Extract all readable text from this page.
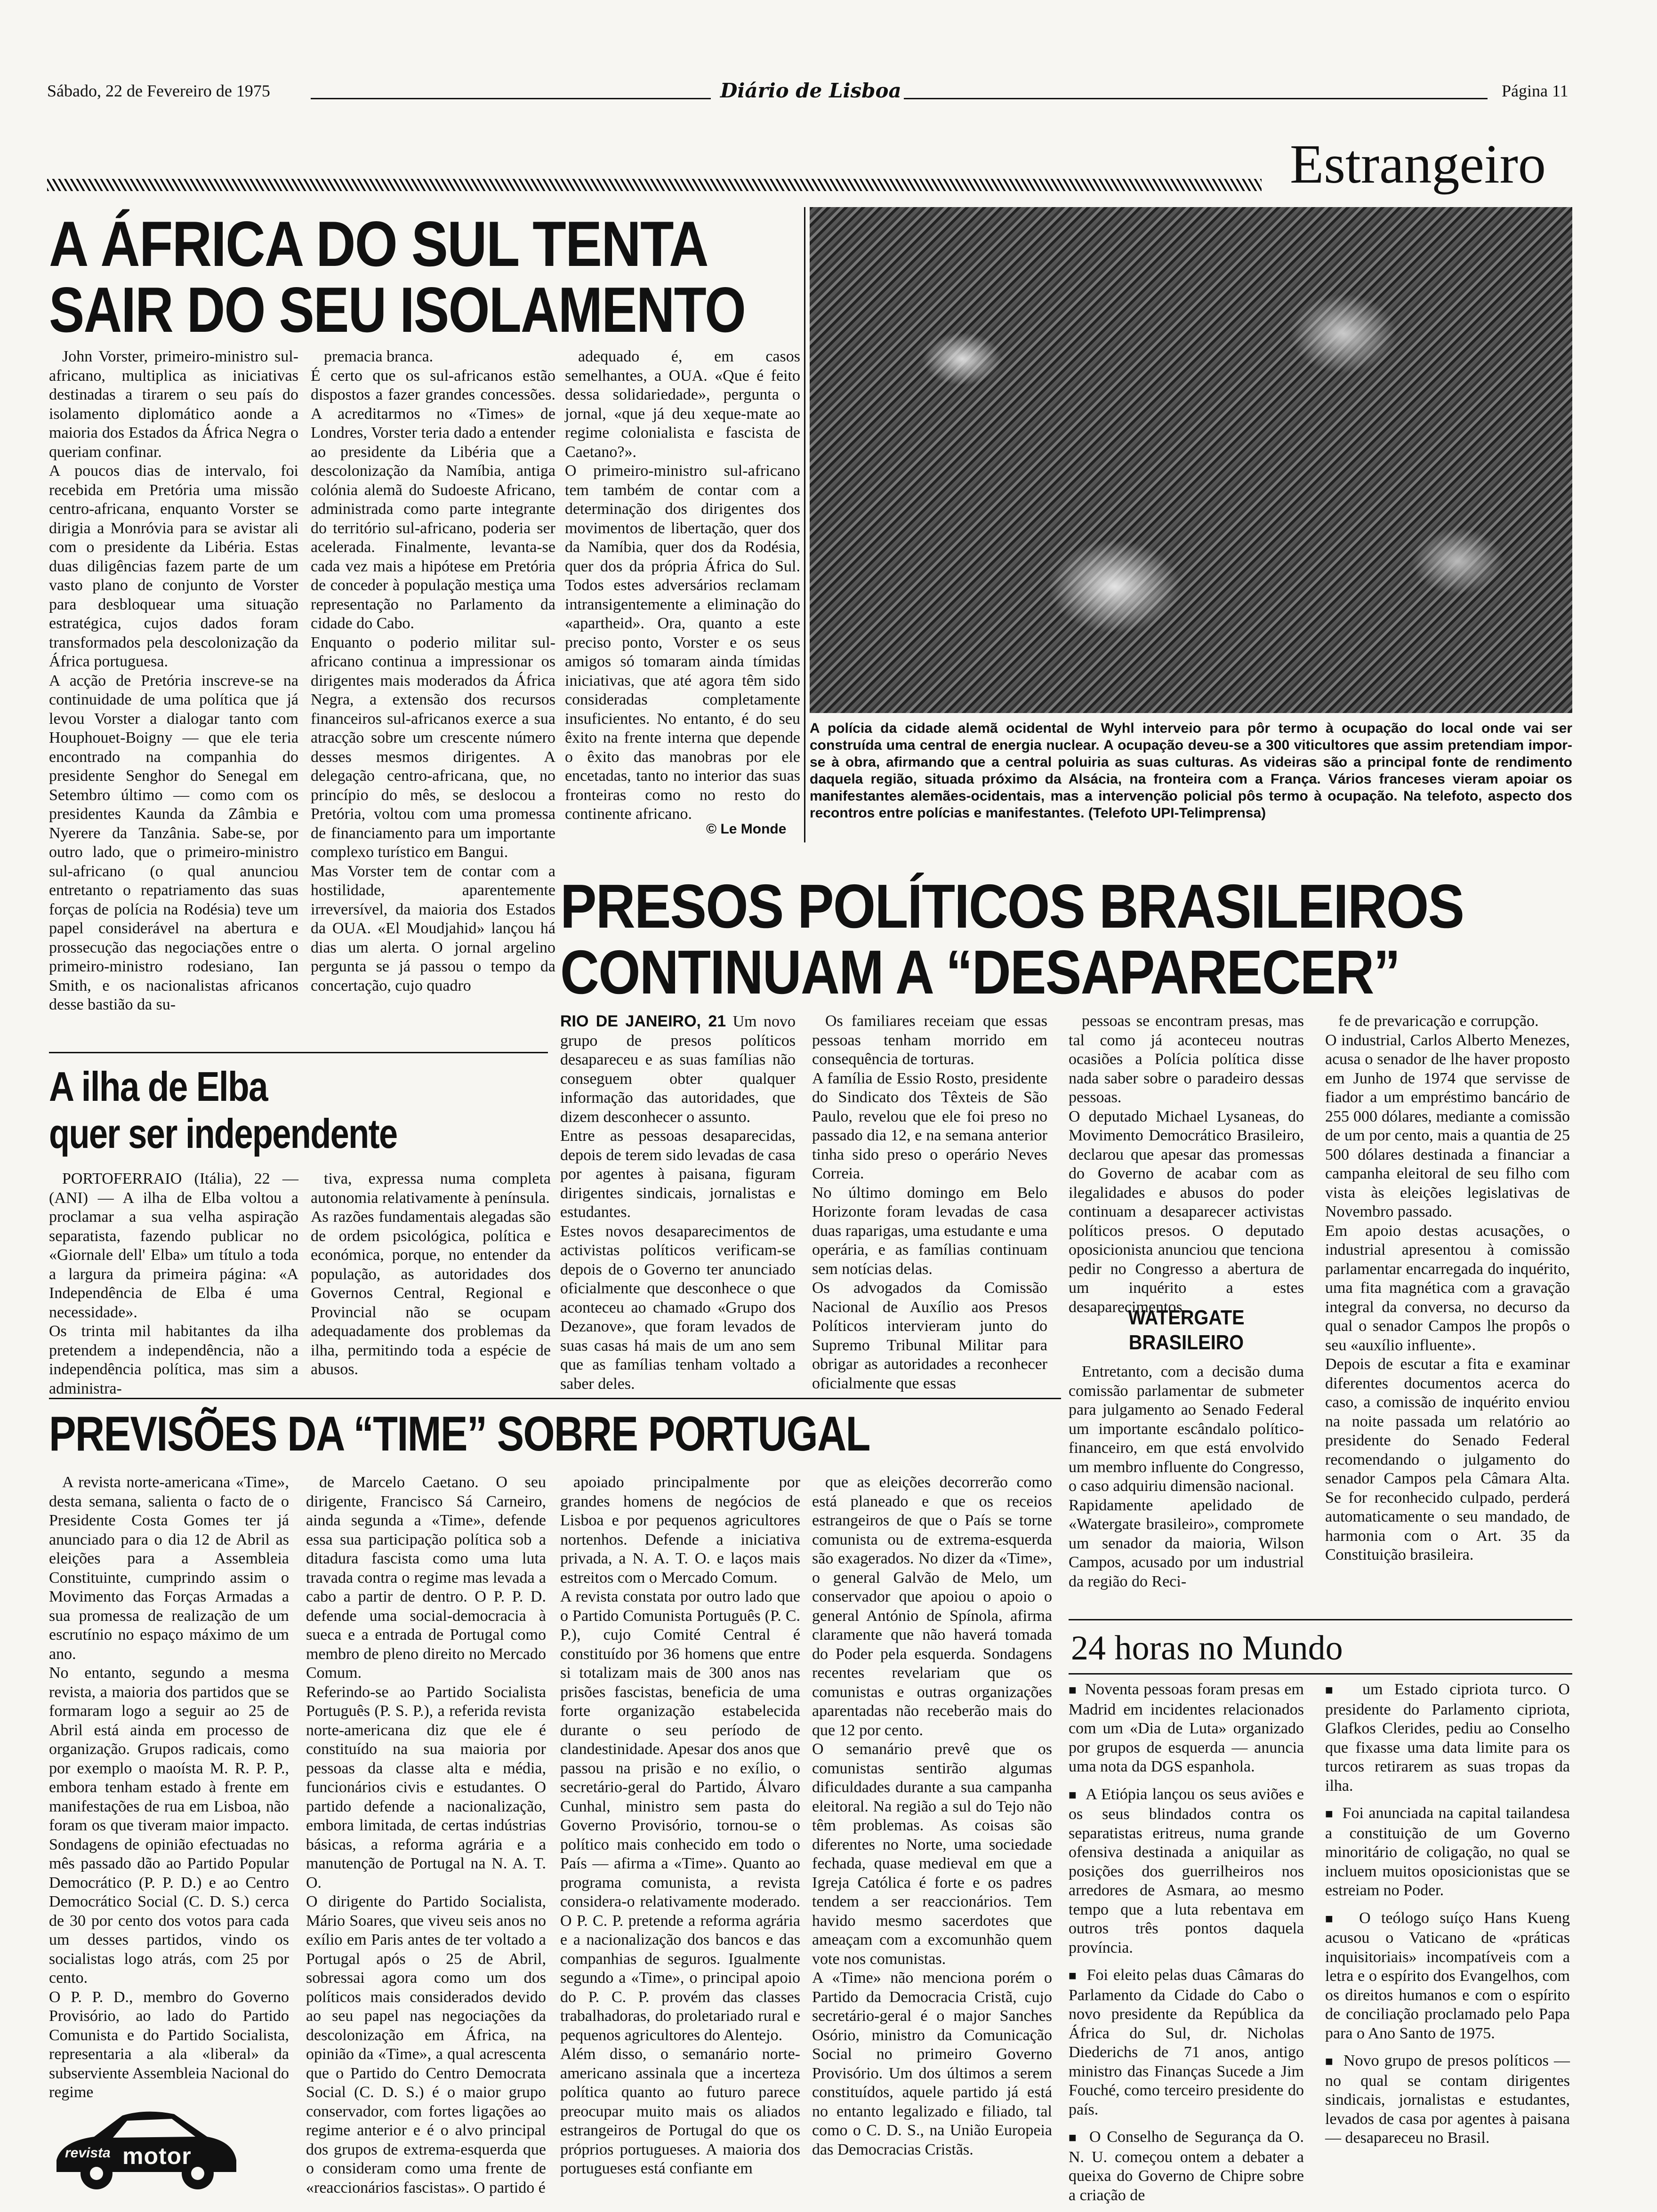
Sábado, 22 de Fevereiro de 1975	Diário de Lisboa	Página 11
Estrangeiro
A ÁFRICA DO SUL TENTA
SAIR DO SEU ISOLAMENTO

John Vorster, primeiro-ministro sul-africano, multiplica as iniciativas destinadas a tirarem o seu país do isolamento diplomático aonde a maioria dos Estados da África Negra o queriam confinar.
A poucos dias de intervalo, foi recebida em Pretória uma missão centro-africana, enquanto Vorster se dirigia a Monróvia para se avistar ali com o presidente da Libéria. Estas duas diligências fazem parte de um vasto plano de conjunto de Vorster para desbloquear uma situação estratégica, cujos dados foram transformados pela descolonização da África portuguesa.
A acção de Pretória inscreve-se na continuidade de uma política que já levou Vorster a dialogar tanto com Houphouet-Boigny — que ele teria encontrado na companhia do presidente Senghor do Senegal em Setembro último — como com os presidentes Kaunda da Zâmbia e Nyerere da Tanzânia. Sabe-se, por outro lado, que o primeiro-ministro sul-africano (o qual anunciou entretanto o repatriamento das suas forças de polícia na Rodésia) teve um papel considerável na abertura e prossecução das negociações entre o primeiro-ministro rodesiano, Ian Smith, e os nacionalistas africanos desse bastião da su-

premacia branca.
É certo que os sul-africanos estão dispostos a fazer grandes concessões. A acreditarmos no «Times» de Londres, Vorster teria dado a entender ao presidente da Libéria que a descolonização da Namíbia, antiga colónia alemã do Sudoeste Africano, administrada como parte integrante do território sul-africano, poderia ser acelerada. Finalmente, levanta-se cada vez mais a hipótese em Pretória de conceder à população mestiça uma representação no Parlamento da cidade do Cabo.
Enquanto o poderio militar sul-africano continua a impressionar os dirigentes mais moderados da África Negra, a extensão dos recursos financeiros sul-africanos exerce a sua atracção sobre um crescente número desses mesmos dirigentes. A delegação centro-africana, que, no princípio do mês, se deslocou a Pretória, voltou com uma promessa de financiamento para um importante complexo turístico em Bangui.
Mas Vorster tem de contar com a hostilidade, aparentemente irreversível, da maioria dos Estados da OUA. «El Moudjahid» lançou há dias um alerta. O jornal argelino pergunta se já passou o tempo da concertação, cujo quadro

adequado é, em casos semelhantes, a OUA. «Que é feito dessa solidariedade», pergunta o jornal, «que já deu xeque-mate ao regime colonialista e fascista de Caetano?».
O primeiro-ministro sul-africano tem também de contar com a determinação dos dirigentes dos movimentos de libertação, quer dos da Namíbia, quer dos da Rodésia, quer dos da própria África do Sul. Todos estes adversários reclamam intransigentemente a eliminação do «apartheid». Ora, quanto a este preciso ponto, Vorster e os seus amigos só tomaram ainda tímidas iniciativas, que até agora têm sido consideradas completamente insuficientes. No entanto, é do seu êxito na frente interna que depende o êxito das manobras por ele encetadas, tanto no interior das suas fronteiras como no resto do continente africano.

© Le Monde

A polícia da cidade alemã ocidental de Wyhl interveio para pôr termo à ocupação do local onde vai ser construída uma central de energia nuclear. A ocupação deveu-se a 300 viticultores que assim pretendiam impor-se à obra, afirmando que a central poluiria as suas culturas. As videiras são a principal fonte de rendimento daquela região, situada próximo da Alsácia, na fronteira com a França. Vários franceses vieram apoiar os manifestantes alemães-ocidentais, mas a intervenção policial pôs termo à ocupação. Na telefoto, aspecto dos recontros entre polícias e manifestantes. (Telefoto UPI-Telimprensa)

PRESOS POLÍTICOS BRASILEIROS
CONTINUAM A “DESAPARECER”

RIO DE JANEIRO, 21 Um novo grupo de presos políticos desapareceu e as suas famílias não conseguem obter qualquer informação das autoridades, que dizem desconhecer o assunto.
Entre as pessoas desaparecidas, depois de terem sido levadas de casa por agentes à paisana, figuram dirigentes sindicais, jornalistas e estudantes.
Estes novos desaparecimentos de activistas políticos verificam-se depois de o Governo ter anunciado oficialmente que desconhece o que aconteceu ao chamado «Grupo dos Dezanove», que foram levados de suas casas há mais de um ano sem que as famílias tenham voltado a saber deles.

Os familiares receiam que essas pessoas tenham morrido em consequência de torturas.
A família de Essio Rosto, presidente do Sindicato dos Têxteis de São Paulo, revelou que ele foi preso no passado dia 12, e na semana anterior tinha sido preso o operário Neves Correia.
No último domingo em Belo Horizonte foram levadas de casa duas raparigas, uma estudante e uma operária, e as famílias continuam sem notícias delas.
Os advogados da Comissão Nacional de Auxílio aos Presos Políticos intervieram junto do Supremo Tribunal Militar para obrigar as autoridades a reconhecer oficialmente que essas

pessoas se encontram presas, mas tal como já aconteceu noutras ocasiões a Polícia política disse nada saber sobre o paradeiro dessas pessoas.
O deputado Michael Lysaneas, do Movimento Democrático Brasileiro, declarou que apesar das promessas do Governo de acabar com as ilegalidades e abusos do poder continuam a desaparecer activistas políticos presos. O deputado oposicionista anunciou que tenciona pedir no Congresso a abertura de um inquérito a estes desaparecimentos.

WATERGATE
BRASILEIRO

Entretanto, com a decisão duma comissão parlamentar de submeter para julgamento ao Senado Federal um importante escândalo político-financeiro, em que está envolvido um membro influente do Congresso, o caso adquiriu dimensão nacional.
Rapidamente apelidado de «Watergate brasileiro», compromete um senador da maioria, Wilson Campos, acusado por um industrial da região do Reci-

fe de prevaricação e corrupção.
O industrial, Carlos Alberto Menezes, acusa o senador de lhe haver proposto em Junho de 1974 que servisse de fiador a um empréstimo bancário de 255 000 dólares, mediante a comissão de um por cento, mais a quantia de 25 500 dólares destinada a financiar a campanha eleitoral de seu filho com vista às eleições legislativas de Novembro passado.
Em apoio destas acusações, o industrial apresentou à comissão parlamentar encarregada do inquérito, uma fita magnética com a gravação integral da conversa, no decurso da qual o senador Campos lhe propôs o seu «auxílio influente».
Depois de escutar a fita e examinar diferentes documentos acerca do caso, a comissão de inquérito enviou na noite passada um relatório ao presidente do Senado Federal recomendando o julgamento do senador Campos pela Câmara Alta. Se for reconhecido culpado, perderá automaticamente o seu mandado, de harmonia com o Art. 35 da Constituição brasileira.

A ilha de Elba
quer ser independente

PORTOFERRAIO (Itália), 22 — (ANI) — A ilha de Elba voltou a proclamar a sua velha aspiração separatista, fazendo publicar no «Giornale dell' Elba» um título a toda a largura da primeira página: «A Independência de Elba é uma necessidade».
Os trinta mil habitantes da ilha pretendem a independência, não a independência política, mas sim a administra-

tiva, expressa numa completa autonomia relativamente à península.
As razões fundamentais alegadas são de ordem psicológica, política e económica, porque, no entender da população, as autoridades dos Governos Central, Regional e Provincial não se ocupam adequadamente dos problemas da ilha, permitindo toda a espécie de abusos.

PREVISÕES DA “TIME” SOBRE PORTUGAL

A revista norte-americana «Time», desta semana, salienta o facto de o Presidente Costa Gomes ter já anunciado para o dia 12 de Abril as eleições para a Assembleia Constituinte, cumprindo assim o Movimento das Forças Armadas a sua promessa de realização de um escrutínio no espaço máximo de um ano.
No entanto, segundo a mesma revista, a maioria dos partidos que se formaram logo a seguir ao 25 de Abril está ainda em processo de organização. Grupos radicais, como por exemplo o maoísta M. R. P. P., embora tenham estado à frente em manifestações de rua em Lisboa, não foram os que tiveram maior impacto. Sondagens de opinião efectuadas no mês passado dão ao Partido Popular Democrático (P. P. D.) e ao Centro Democrático Social (C. D. S.) cerca de 30 por cento dos votos para cada um desses partidos, vindo os socialistas logo atrás, com 25 por cento.
O P. P. D., membro do Governo Provisório, ao lado do Partido Comunista e do Partido Socialista, representaria a ala «liberal» da subserviente Assembleia Nacional do regime

de Marcelo Caetano. O seu dirigente, Francisco Sá Carneiro, ainda segunda a «Time», defende essa sua participação política sob a ditadura fascista como uma luta travada contra o regime mas levada a cabo a partir de dentro. O P. P. D. defende uma social-democracia à sueca e a entrada de Portugal como membro de pleno direito no Mercado Comum.
Referindo-se ao Partido Socialista Português (P. S. P.), a referida revista norte-americana diz que ele é constituído na sua maioria por pessoas da classe alta e média, funcionários civis e estudantes. O partido defende a nacionalização, embora limitada, de certas indústrias básicas, a reforma agrária e a manutenção de Portugal na N. A. T. O.
O dirigente do Partido Socialista, Mário Soares, que viveu seis anos no exílio em Paris antes de ter voltado a Portugal após o 25 de Abril, sobressai agora como um dos políticos mais considerados devido ao seu papel nas negociações da descolonização em África, na opinião da «Time», a qual acrescenta que o Partido do Centro Democrata Social (C. D. S.) é o maior grupo conservador, com fortes ligações ao regime anterior e é o alvo principal dos grupos de extrema-esquerda que o consideram como uma frente de «reaccionários fascistas». O partido é

apoiado principalmente por grandes homens de negócios de Lisboa e por pequenos agricultores nortenhos. Defende a iniciativa privada, a N. A. T. O. e laços mais estreitos com o Mercado Comum.
A revista constata por outro lado que o Partido Comunista Português (P. C. P.), cujo Comité Central é constituído por 36 homens que entre si totalizam mais de 300 anos nas prisões fascistas, beneficia de uma forte organização estabelecida durante o seu período de clandestinidade. Apesar dos anos que passou na prisão e no exílio, o secretário-geral do Partido, Álvaro Cunhal, ministro sem pasta do Governo Provisório, tornou-se o político mais conhecido em todo o País — afirma a «Time». Quanto ao programa comunista, a revista considera-o relativamente moderado. O P. C. P. pretende a reforma agrária e a nacionalização dos bancos e das companhias de seguros. Igualmente segundo a «Time», o principal apoio do P. C. P. provém das classes trabalhadoras, do proletariado rural e pequenos agricultores do Alentejo.
Além disso, o semanário norte-americano assinala que a incerteza política quanto ao futuro parece preocupar muito mais os aliados estrangeiros de Portugal do que os próprios portugueses. A maioria dos portugueses está confiante em

que as eleições decorrerão como está planeado e que os receios estrangeiros de que o País se torne comunista ou de extrema-esquerda são exagerados. No dizer da «Time», o general Galvão de Melo, um conservador que apoiou o apoio o general António de Spínola, afirma claramente que não haverá tomada do Poder pela esquerda. Sondagens recentes revelariam que os comunistas e outras organizações aparentadas não receberão mais do que 12 por cento.
O semanário prevê que os comunistas sentirão algumas dificuldades durante a sua campanha eleitoral. Na região a sul do Tejo não têm problemas. As coisas são diferentes no Norte, uma sociedade fechada, quase medieval em que a Igreja Católica é forte e os padres tendem a ser reaccionários. Tem havido mesmo sacerdotes que ameaçam com a excomunhão quem vote nos comunistas.
A «Time» não menciona porém o Partido da Democracia Cristã, cujo secretário-geral é o major Sanches Osório, ministro da Comunicação Social no primeiro Governo Provisório. Um dos últimos a serem constituídos, aquele partido já está no entanto legalizado e filiado, tal como o C. D. S., na União Europeia das Democracias Cristãs.

revista motor
24 horas no Mundo

■  Noventa pessoas foram presas em Madrid em incidentes relacionados com um «Dia de Luta» organizado por grupos de esquerda — anuncia uma nota da DGS espanhola.

■  A Etiópia lançou os seus aviões e os seus blindados contra os separatistas eritreus, numa grande ofensiva destinada a aniquilar as posições dos guerrilheiros nos arredores de Asmara, ao mesmo tempo que a luta rebentava em outros três pontos daquela província.

■  Foi eleito pelas duas Câmaras do Parlamento da Cidade do Cabo o novo presidente da República da África do Sul, dr. Nicholas Diederichs de 71 anos, antigo ministro das Finanças Sucede a Jim Fouché, como terceiro presidente do país.

■  O Conselho de Segurança da O. N. U. começou ontem a debater a queixa do Governo de Chipre sobre a criação de

■  um Estado cipriota turco. O presidente do Parlamento cipriota, Glafkos Clerides, pediu ao Conselho que fixasse uma data limite para os turcos retirarem as suas tropas da ilha.

■  Foi anunciada na capital tailandesa a constituição de um Governo minoritário de coligação, no qual se incluem muitos oposicionistas que se estreiam no Poder.

■  O teólogo suíço Hans Kueng acusou o Vaticano de «práticas inquisitoriais» incompatíveis com a letra e o espírito dos Evangelhos, com os direitos humanos e com o espírito de conciliação proclamado pelo Papa para o Ano Santo de 1975.

■  Novo grupo de presos políticos — no qual se contam dirigentes sindicais, jornalistas e estudantes, levados de casa por agentes à paisana — desapareceu no Brasil.
